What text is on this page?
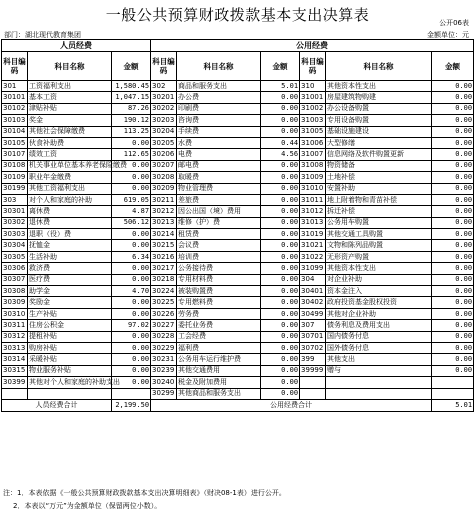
一般公共预算财政拨款基本支出决算表	公开06表
部门：湖北现代教育集团	金额单位：元
人员经费			公用经费					
科目编码	科目名称	金额	科目编码	科目名称	金额	科目编码	科目名称	金额
301	工资福利支出	1,580.45	302	商品和服务支出	5.01	310	其他资本性支出	0.00
30101	基本工资	1,047.15	30201	办公费	0.00	31001	房屋建筑物购建	0.00
30102	津贴补贴	87.26	30202	印刷费	0.00	31002	办公设备购置	0.00
30103	奖金	190.12	30203	咨询费	0.00	31003	专用设备购置	0.00
30104	其他社会保障缴费	113.25	30204	手续费	0.00	31005	基础设施建设	0.00
30105	伙食补助费	0.00	30205	水费	0.44	31006	大型修缮	0.00
30107	绩效工资	112.65	30206	电费	4.56	31007	信息网络及软件购置更新	0.00
30108	机关事业单位基本养老保险缴费	0.00	30207	邮电费	0.00	31008	物资储备	0.00
30109	职业年金缴费	0.00	30208	取暖费	0.00	31009	土地补偿	0.00
30199	其他工资福利支出	0.00	30209	物业管理费	0.00	31010	安置补助	0.00
303	对个人和家庭的补助	619.05	30211	差旅费	0.00	31011	地上附着物和青苗补偿	0.00
30301	离休费	4.87	30212	因公出国（境）费用	0.00	31012	拆迁补偿	0.00
30302	退休费	506.12	30213	维修（护）费	0.00	31013	公务用车购置	0.00
30303	退职（役）费	0.00	30214	租赁费	0.00	31019	其他交通工具购置	0.00
30304	抚恤金	0.00	30215	会议费	0.00	31021	文物和陈列品购置	0.00
30305	生活补助	6.34	30216	培训费	0.00	31022	无形资产购置	0.00
30306	救济费	0.00	30217	公务接待费	0.00	31099	其他资本性支出	0.00
30307	医疗费	0.00	30218	专用材料费	0.00	304	对企业补助	0.00
30308	助学金	4.70	30224	被装购置费	0.00	30401	资本金注入	0.00
30309	奖励金	0.00	30225	专用燃料费	0.00	30402	政府投资基金股权投资	0.00
30310	生产补贴	0.00	30226	劳务费	0.00	30499	其他对企业补助	0.00
30311	住房公积金	97.02	30227	委托业务费	0.00	307	债务利息及费用支出	0.00
30312	提租补贴	0.00	30228	工会经费	0.00	30701	国内债务付息	0.00
30313	购房补贴	0.00	30229	福利费	0.00	30702	国外债务付息	0.00
30314	采暖补贴	0.00	30231	公务用车运行维护费	0.00	399	其他支出	0.00
30315	物业服务补贴	0.00	30239	其他交通费用	0.00	39999	赠与	0.00
30399	其他对个人和家庭的补助支出	0.00	30240	税金及附加费用	0.00			
			30299	其他商品和服务支出	0.00			
人员经费合计		2,199.50	公用经费合计					5.01
注：1．本表依据《一般公共预算财政拨款基本支出决算明细表》（财决08-1表）进行公开。
2．本表以“万元”为金额单位（保留两位小数）。
